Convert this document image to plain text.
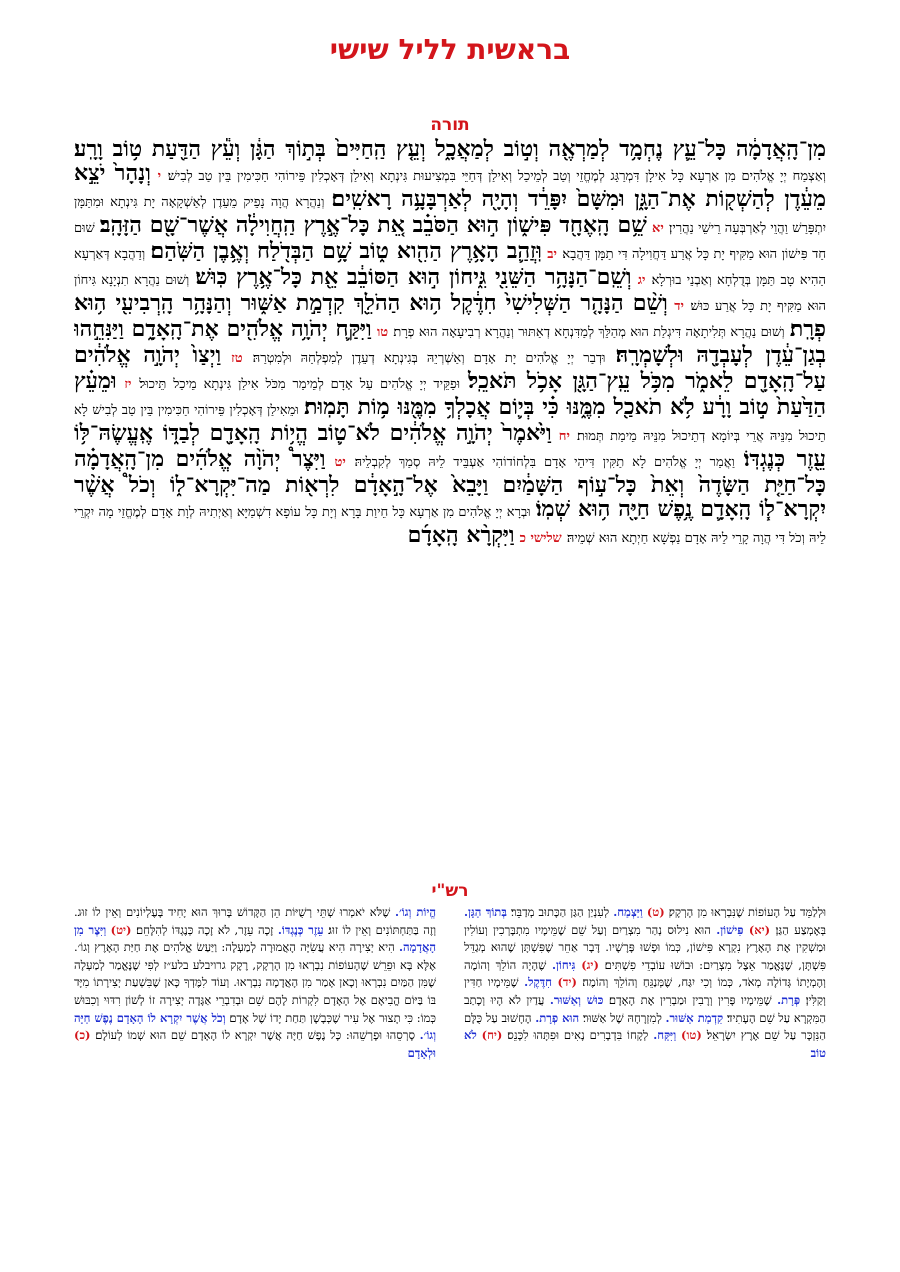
בראשית לליל שישי
תורה

מִן־הָֽאֲדָמָ֔ה כָּל־עֵ֛ץ נֶחְמָ֥ד לְמַרְאֶ֖ה וְט֣וֹב לְמַאֲכָ֑ל וְעֵ֤ץ הַֽחַיִּים֙ בְּת֣וֹךְ הַגָּ֔ן וְעֵ֕ץ הַדַּ֖עַת ט֥וֹב וָרָֽע׃ וְאַצְמַח יְיָ אֱלֹהִים מִן אַרְעָא כָּל אִילָן דִּמְרַגַּג לְמֶחֱזֵי וְטַב לְמֵיכַל וְאִילַן דְּחַיֵּי בִּמְצִיעוּת גִּינְתָא וְאִילַן דְּאָכְלִין פֵּירוֹהִי חַכִּימִין בֵּין טַב לְבִישׁ׃ י וְנָהָר֙ יֹצֵ֣א מֵעֵ֔דֶן לְהַשְׁק֖וֹת אֶת־הַגָּ֑ן וּמִשָּׁם֙ יִפָּרֵ֔ד וְהָיָ֖ה לְאַרְבָּעָ֥ה רָאשִֽׁים׃ וְנַהֲרָא הֲוָה נָפֵיק מֵעֵדֶן לְאַשְׁקָאָה יָת גִּינְתָא וּמִתַּמָּן יִתְפָּרַשׁ וַהֲוֵי לְאַרְבְּעָה רֵישֵׁי נַהֲרִין׃ יא שֵׁ֥ם הָֽאֶחָ֖ד פִּישׁ֑וֹן ה֣וּא הַסֹּבֵ֗ב אֵ֚ת כָּל־אֶ֣רֶץ הַֽחֲוִילָ֔ה אֲשֶׁר־שָׁ֖ם הַזָּהָֽב׃ שׁוּם חַד פִּישׁוֹן הוּא מַקִּיף יָת כָּל אֲרַע דַּחֲוִילָה דִּי תַמָּן דַּהֲבָא׃ יב וּֽזֲהַ֛ב הָאָ֥רֶץ הַהִ֖וא ט֑וֹב שָׁ֥ם הַבְּדֹ֖לַח וְאֶ֥בֶן הַשֹּֽׁהַם׃ וְדַהֲבָא דְּאַרְעָא הַהִיא טָב תַּמָּן בְּדֻלְחָא וְאַבְנֵי בוּרְלָא׃ יג וְשֵֽׁם־הַנָּהָ֥ר הַשֵּׁנִ֖י גִּ֑יחוֹן ה֣וּא הַסּוֹבֵ֔ב אֵ֖ת כָּל־אֶ֥רֶץ כּֽוּשׁ׃ וְשׁוּם נַהֲרָא תִנְיָנָא גִּיחוֹן הוּא מַקִּיף יָת כָּל אֲרַע כּוּשׁ׃ יד וְשֵׁ֨ם הַנָּהָ֤ר הַשְּׁלִישִׁי֙ חִדֶּ֔קֶל ה֥וּא הַהֹלֵ֖ךְ קִדְמַ֣ת אַשּׁ֑וּר וְהַנָּהָ֥ר הָֽרְבִיעִ֖י ה֥וּא פְרָֽת׃ וְשׁוּם נַהֲרָא תְּלִיתָאָה דִּיגְלַת הוּא מְהַלֵּךְ לְמַדִּנְחָא דְאַתּוּר וְנַהֲרָא רְבִיעָאָה הוּא פְרָת׃ טו וַיִּקַּ֛ח יְהֹוָ֥ה אֱלֹהִ֖ים אֶת־הָֽאָדָ֑ם וַיַּנִּחֵ֣הוּ בְגַן־עֵ֔דֶן לְעָבְדָ֖הּ וּלְשָׁמְרָֽהּ׃ וּדְבַר יְיָ אֱלֹהִים יָת אָדָם וְאַשְׁרְיֵהּ בְּגִינְתָא דְעֵדֶן לְמִפְלְחַהּ וּלְמִטְרַהּ׃ טז וַיְצַו֙ יְהֹוָ֣ה אֱלֹהִ֔ים עַל־הָֽאָדָ֖ם לֵאמֹ֑ר מִכֹּ֥ל עֵֽץ־הַגָּ֖ן אָכֹ֥ל תֹּאכֵֽל׃ וּפַקֵּיד יְיָ אֱלֹהִים עַל אָדָם לְמֵימַר מִכֹּל אִילַן גִּינְתָא מֵיכַל תֵּיכוּל׃ יז וּמֵעֵ֗ץ הַדַּ֙עַת֙ ט֣וֹב וָרָ֔ע לֹ֥א תֹאכַ֖ל מִמֶּ֑נּוּ כִּ֗י בְּי֛וֹם אֲכָלְךָ֥ מִמֶּ֖נּוּ מ֥וֹת תָּמֽוּת׃ וּמֵאִילַן דְּאָכְלִין פֵּירוֹהִי חַכִּימִין בֵּין טַב לְבִישׁ לָא תֵיכוּל מִנֵּיהּ אֲרֵי בְּיוֹמָא דְתֵיכוּל מִנֵּיהּ מֵימַת תְּמוּת׃ יח וַיֹּ֙אמֶר֙ יְהֹוָ֣ה אֱלֹהִ֔ים לֹא־ט֛וֹב הֱי֥וֹת הָֽאָדָ֖ם לְבַדּ֑וֹ אֶֽעֱשֶׂהּ־לּ֥וֹ עֵ֖זֶר כְּנֶגְדּֽוֹ׃ וַאֲמַר יְיָ אֱלֹהִים לָא תַקִּין דִּיהֵי אָדָם בִּלְחוֹדוֹהִי אַעְבֵּיד לֵיהּ סְמַךְ לְקִבְלֵיהּ׃ יט וַיִּצֶר֩ יְהֹוָ֨ה אֱלֹהִ֜ים מִן־הָֽאֲדָמָ֗ה כָּל־חַיַּ֤ת הַשָּׂדֶה֙ וְאֵת֙ כָּל־ע֣וֹף הַשָּׁמַ֔יִם וַיָּבֵא֙ אֶל־הָ֣אָדָ֔ם לִרְא֖וֹת מַה־יִּקְרָא־ל֑וֹ וְכֹל֩ אֲשֶׁ֨ר יִקְרָא־ל֧וֹ הָֽאָדָ֛ם נֶ֥פֶשׁ חַיָּ֖ה ה֥וּא שְׁמֽוֹ׃ וּבְרָא יְיָ אֱלֹהִים מִן אַרְעָא כָּל חֵיוַת בָּרָא וְיָת כָּל עוֹפָא דִשְׁמַיָּא וְאַיְתִיהּ לְוָת אָדָם לְמֶחֱזֵי מָה יִקְרֵי לֵיהּ וְכֹל דִּי הֲוָה קָרֵי לֵיהּ אָדָם נַפְשָׁא חַיְתָא הוּא שְׁמֵיהּ׃ שלישי כ וַיִּקְרָ֨א הָֽאָדָ֜ם

רש"י

וּלְלַמֵּד עַל הָעוֹפוֹת שֶׁנִּבְרְאוּ מִן הָרְקָק׃ (ט) וַיַּצְמַח. לְעִנְיַן הַגַּן הַכָּתוּב מְדַבֵּר׃ בְּתוֹךְ הַגָּן. בְּאֶמְצַע הַגַּן׃ (יא) פִּישׁוֹן. הוּא נִילוּס נְהַר מִצְרַיִם וְעַל שֵׁם שֶׁמֵּימָיו מִתְבָּרְכִין וְעוֹלִין וּמַשְׁקִין אֶת הָאָרֶץ נִקְרָא פִּישׁוֹן, כְּמוֹ וּפָשׁוּ פָּרָשָׁיו. דָּבָר אַחֵר שֶׁפִּשְׁתָּן שֶׁהוּא מְגַדֵּל פִּשְׁתָּן, שֶׁנֶּאֱמַר אֵצֶל מִצְרַיִם: וּבוֹשׁוּ עוֹבְדֵי פִשְׁתִּים׃ (יג) גִּיחוֹן. שֶׁהָיָה הוֹלֵךְ וְהוֹמֶה וְהֶמְיָתוֹ גְּדוֹלָה מְאֹד, כְּמוֹ וְכִי יִגַּח, שֶׁמְּנַגֵּחַ וְהוֹלֵךְ וְהוֹמֶה׃ (יד) חִדֶּקֶל. שֶׁמֵּימָיו חַדִּין וְקַלִּין׃ פְּרָת. שֶׁמֵּימָיו פָּרִין וְרָבִין וּמַבְרִין אֶת הָאָדָם׃ כּוּשׁ וְאַשּׁוּר. עֲדַיִן לֹא הָיוּ וְכָתַב הַמִּקְרָא עַל שֵׁם הֶעָתִיד׃ קִדְמַת אַשּׁוּר. לְמִזְרָחָהּ שֶׁל אַשּׁוּר׃ הוּא פְרָת. הֶחָשׁוּב עַל כֻּלָּם הַנִּזְכָּר עַל שֵׁם אֶרֶץ יִשְׂרָאֵל׃ (טו) וַיִּקַּח. לְקָחוֹ בִּדְבָרִים נָאִים וּפִתָּהוּ לִכָּנֵס׃ (יח) לֹא טוֹב

הֱיוֹת וְגוֹ׳. שֶׁלֹּא יֹאמְרוּ שְׁתֵּי רְשֻׁיּוֹת הֵן הַקָּדוֹשׁ בָּרוּךְ הוּא יָחִיד בָּעֶלְיוֹנִים וְאֵין לוֹ זוּג. וְזֶה בַּתַּחְתּוֹנִים וְאֵין לוֹ זוּג׃ עֵזֶר כְּנֶגְדּוֹ. זָכָה עֵזֶר, לֹא זָכָה כְּנֶגְדּוֹ לְהִלָּחֵם׃ (יט) וַיִּצֶר מִן הָאֲדָמָה. הִיא יְצִירָה הִיא עֲשִׂיָּה הָאֲמוּרָה לְמַעְלָה: וַיַּעַשׂ אֱלֹהִים אֶת חַיַּת הָאָרֶץ וְגוֹ׳. אֶלָּא בָּא וּפֵרֵשׁ שֶׁהָעוֹפוֹת נִבְרְאוּ מִן הָרְקָק, רֶקֶק גרויבלע בלע״ז לְפִי שֶׁנֶּאֱמַר לְמַעְלָה שֶׁמִּן הַמַּיִם נִבְרְאוּ וְכָאן אָמַר מִן הָאֲדָמָה נִבְרְאוּ. וְעוֹד לִמֶּדְךָ כָּאן שֶׁבִּשְׁעַת יְצִירָתוֹ מִיָּד בּוֹ בַּיּוֹם הֱבִיאָם אֶל הָאָדָם לִקְרוֹת לָהֶם שֵׁם וּבְדִבְרֵי אַגָּדָה יְצִירָה זוֹ לְשׁוֹן רִדּוּי וְכִבּוּשׁ כְּמוֹ: כִּי תָצוּר אֶל עִיר שֶׁכְּבָשָׁן תַּחַת יָדוֹ שֶׁל אָדָם׃ וְכֹל אֲשֶׁר יִקְרָא לוֹ הָאָדָם נֶפֶשׁ חַיָּה וְגוֹ׳. סָרְסֵהוּ וּפָרְשֵׁהוּ: כָּל נֶפֶשׁ חַיָּה אֲשֶׁר יִקְרָא לוֹ הָאָדָם שֵׁם הוּא שְׁמוֹ לְעוֹלָם׃ (כ) וּלְאָדָם
